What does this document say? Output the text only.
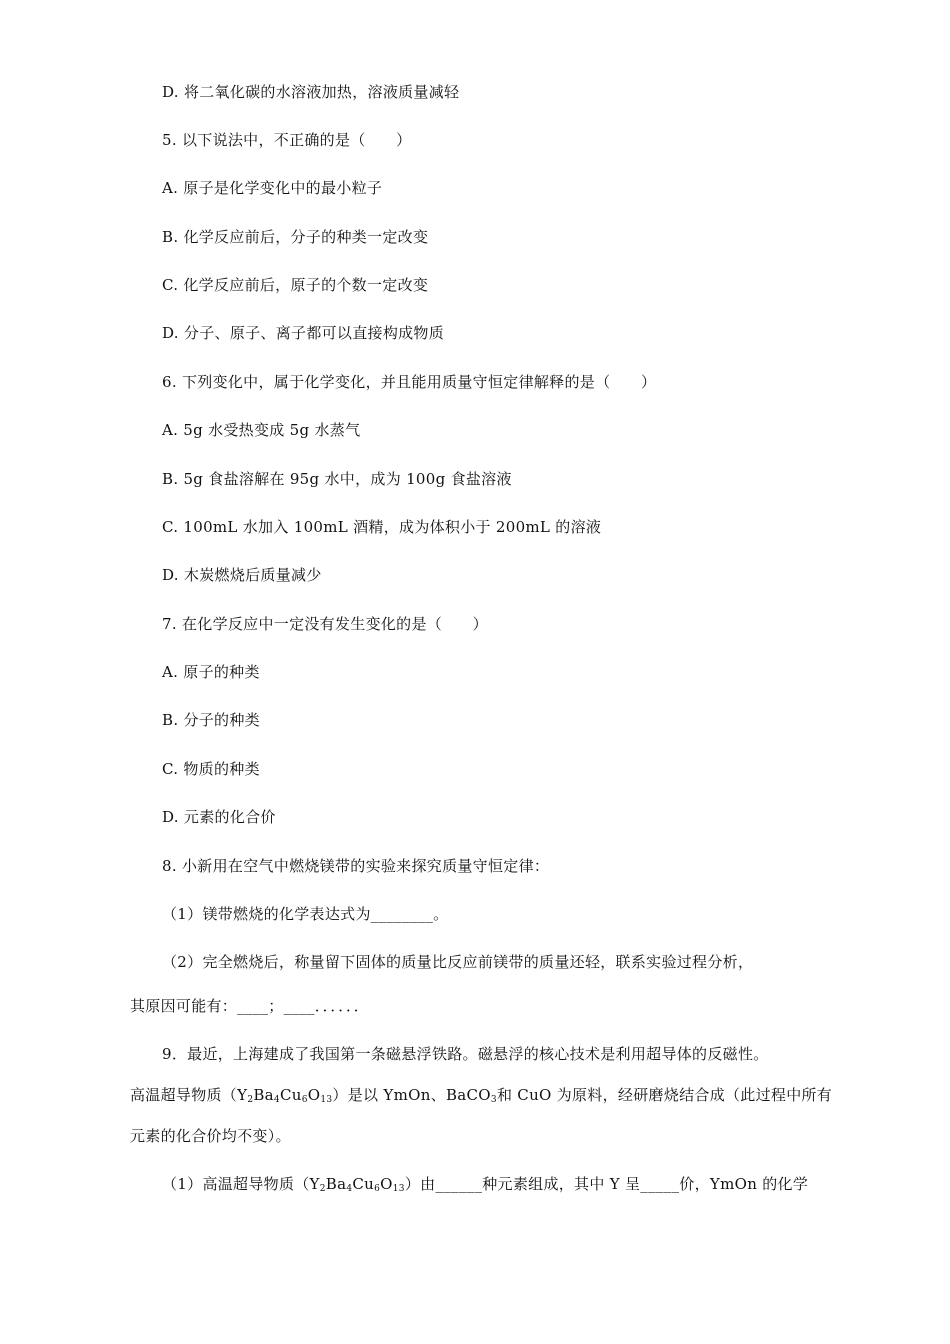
D. 将二氧化碳的水溶液加热，溶液质量减轻
5. 以下说法中，不正确的是（　　）
A. 原子是化学变化中的最小粒子
B. 化学反应前后，分子的种类一定改变
C. 化学反应前后，原子的个数一定改变
D. 分子、原子、离子都可以直接构成物质
6. 下列变化中，属于化学变化，并且能用质量守恒定律解释的是（　　）
A. 5g 水受热变成 5g 水蒸气
B. 5g 食盐溶解在 95g 水中，成为 100g 食盐溶液
C. 100mL 水加入 100mL 酒精，成为体积小于 200mL 的溶液
D. 木炭燃烧后质量减少
7. 在化学反应中一定没有发生变化的是（　　）
A. 原子的种类
B. 分子的种类
C. 物质的种类
D. 元素的化合价
8. 小新用在空气中燃烧镁带的实验来探究质量守恒定律：
（1）镁带燃烧的化学表达式为________。
（2）完全燃烧后，称量留下固体的质量比反应前镁带的质量还轻，联系实验过程分析，
其原因可能有：____；____．．．．．．
9．最近，上海建成了我国第一条磁悬浮铁路。磁悬浮的核心技术是利用超导体的反磁性。
高温超导物质$(Y_2Ba_4Cu_6O_{13})$是以 YmOn、BaCO$_3$和 CuO 为原料，经研磨烧结合成（此过程中所有
元素的化合价均不变）。
（1）高温超导物质$(Y_2Ba_4Cu_6O_{13})$由______种元素组成，其中 Y 呈_____价，YmOn 的化学
